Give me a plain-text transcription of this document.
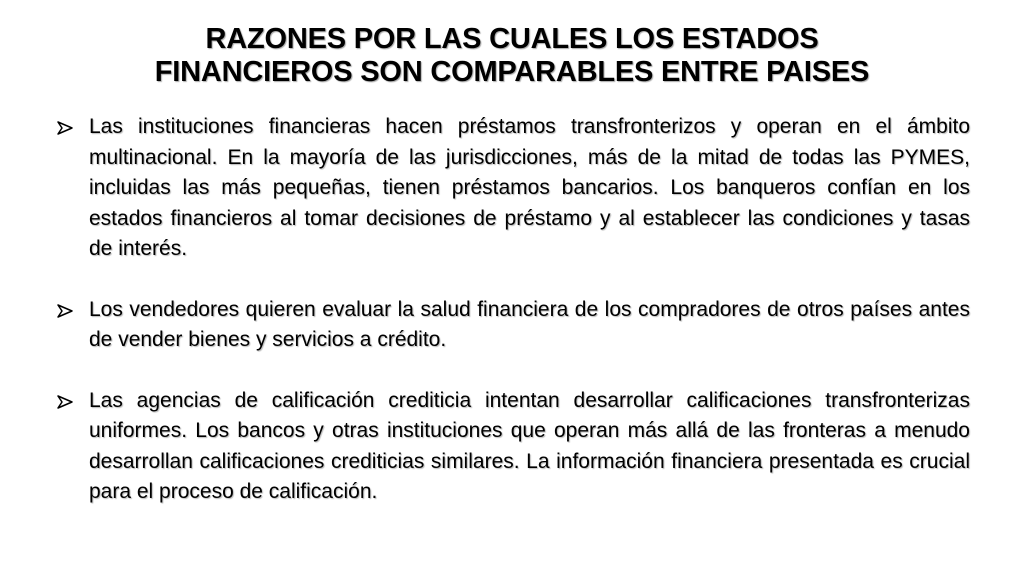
RAZONES POR LAS CUALES LOS ESTADOS
FINANCIEROS SON COMPARABLES ENTRE PAISES
Las instituciones financieras hacen préstamos transfronterizos y operan en el ámbito multinacional. En la mayoría de las jurisdicciones, más de la mitad de todas las PYMES, incluidas las más pequeñas, tienen préstamos bancarios. Los banqueros confían en los estados financieros al tomar decisiones de préstamo y al establecer las condiciones y tasas de interés.
Los vendedores quieren evaluar la salud financiera de los compradores de otros países antes de vender bienes y servicios a crédito.
Las agencias de calificación crediticia intentan desarrollar calificaciones transfronterizas uniformes. Los bancos y otras instituciones que operan más allá de las fronteras a menudo desarrollan calificaciones crediticias similares. La información financiera presentada es crucial para el proceso de calificación.
